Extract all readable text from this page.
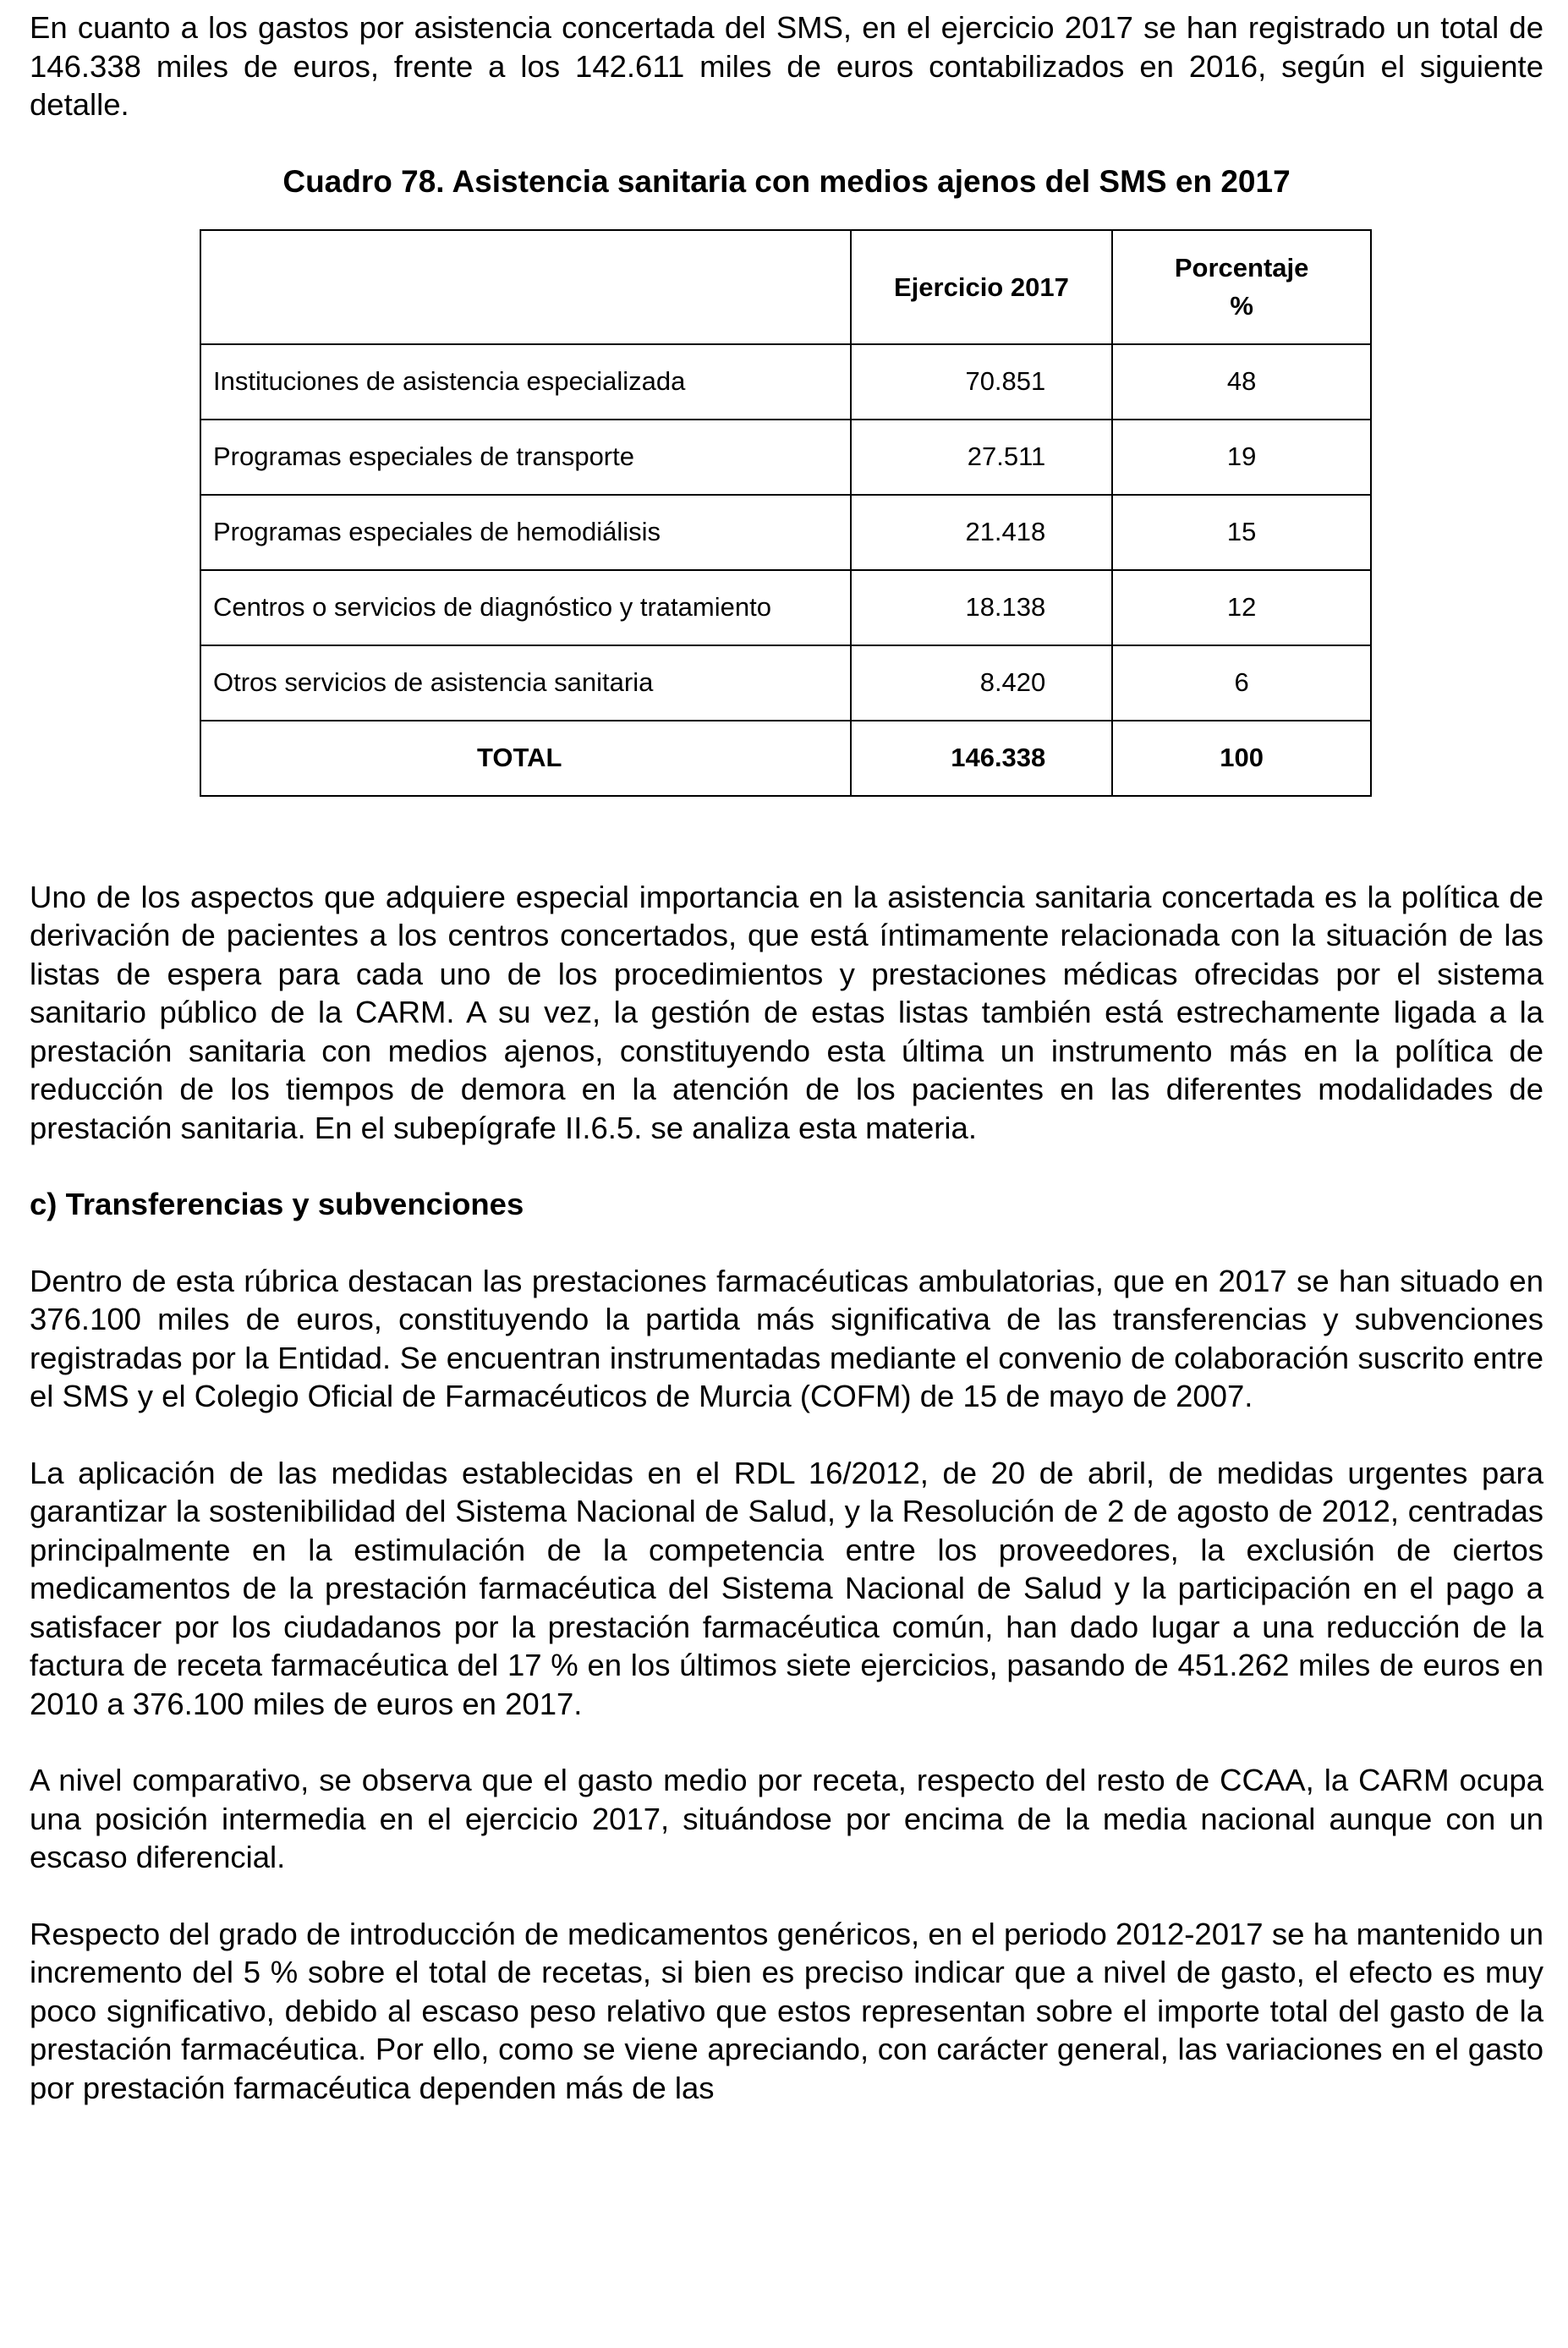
En cuanto a los gastos por asistencia concertada del SMS, en el ejercicio 2017 se han registrado un total de 146.338 miles de euros, frente a los 142.611 miles de euros contabilizados en 2016, según el siguiente detalle.

Cuadro 78. Asistencia sanitaria con medios ajenos del SMS en 2017
	Ejercicio 2017	Porcentaje
%
Instituciones de asistencia especializada	70.851	48
Programas especiales de transporte	27.511	19
Programas especiales de hemodiálisis	21.418	15
Centros o servicios de diagnóstico y tratamiento	18.138	12
Otros servicios de asistencia sanitaria	8.420	6
TOTAL	146.338	100

Uno de los aspectos que adquiere especial importancia en la asistencia sanitaria concertada es la política de derivación de pacientes a los centros concertados, que está íntimamente relacionada con la situación de las listas de espera para cada uno de los procedimientos y prestaciones médicas ofrecidas por el sistema sanitario público de la CARM. A su vez, la gestión de estas listas también está estrechamente ligada a la prestación sanitaria con medios ajenos, constituyendo esta última un instrumento más en la política de reducción de los tiempos de demora en la atención de los pacientes en las diferentes modalidades de prestación sanitaria. En el subepígrafe II.6.5. se analiza esta materia.

c) Transferencias y subvenciones

Dentro de esta rúbrica destacan las prestaciones farmacéuticas ambulatorias, que en 2017 se han situado en 376.100 miles de euros, constituyendo la partida más significativa de las transferencias y subvenciones registradas por la Entidad. Se encuentran instrumentadas mediante el convenio de colaboración suscrito entre el SMS y el Colegio Oficial de Farmacéuticos de Murcia (COFM) de 15 de mayo de 2007.

La aplicación de las medidas establecidas en el RDL 16/2012, de 20 de abril, de medidas urgentes para garantizar la sostenibilidad del Sistema Nacional de Salud, y la Resolución de 2 de agosto de 2012, centradas principalmente en la estimulación de la competencia entre los proveedores, la exclusión de ciertos medicamentos de la prestación farmacéutica del Sistema Nacional de Salud y la participación en el pago a satisfacer por los ciudadanos por la prestación farmacéutica común, han dado lugar a una reducción de la factura de receta farmacéutica del 17 % en los últimos siete ejercicios, pasando de 451.262 miles de euros en 2010 a 376.100 miles de euros en 2017.

A nivel comparativo, se observa que el gasto medio por receta, respecto del resto de CCAA, la CARM ocupa una posición intermedia en el ejercicio 2017, situándose por encima de la media nacional aunque con un escaso diferencial.

Respecto del grado de introducción de medicamentos genéricos, en el periodo 2012-2017 se ha mantenido un incremento del 5 % sobre el total de recetas, si bien es preciso indicar que a nivel de gasto, el efecto es muy poco significativo, debido al escaso peso relativo que estos representan sobre el importe total del gasto de la prestación farmacéutica. Por ello, como se viene apreciando, con carácter general, las variaciones en el gasto por prestación farmacéutica dependen más de las
